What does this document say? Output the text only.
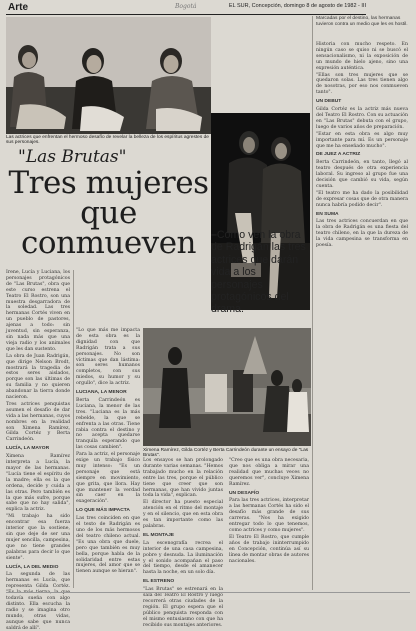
Arte	Bogotá	EL SUR, Concepción, domingo 8 de agosto de 1982 - III
Las actrices que enfrentan el hermoso desafío de revelar la belleza de los espíritus agrestes de sus personajes.
"Las Brutas"
Tres mujeres que conmueven	–Cómo ven la obra de Radrigán las tres actrices que darán vida a los personajes protagónicos del drama.

Irene, Lucía y Luciana, los personajes protagónicos de "Las Brutas", obra que este curso estrena el Teatro El Rostro, son una muestra desgarradora de la soledad. Las tres hermanas Cortés viven en un pueblo de pastores, ajenas a todo: sin juventud, sin esperanza, sin nada más que una vieja radio y los animales que les dan sustento.

La obra de Juan Radrigán, que dirige Nelson Brodt, mostrará la tragedia de estos seres aislados, porque son las últimas de su familia y no quieren abandonar la tierra donde nacieron.

Tres actrices penquistas asumen el desafío de dar vida a las hermanas, cuyos nombres en la realidad son Ximena Ramírez, Gilda Cortéz y Berta Carrindeón.

LUCÍA, LA MAYOR

Ximena Ramírez interpreta a Lucía, la mayor de las hermanas. "Lucía tiene el espíritu de la madre; ella es la que ordena, decide y cuida a las otras. Pero también es la que más sufre, porque sabe que no hay salida", explica la actriz.

"Mi trabajo ha sido encontrar esa fuerza interior que la sostiene, sin que deje de ser una mujer sencilla, campesina, que no tiene grandes palabras para decir lo que siente".

LUCÍA, LA DEL MEDIO

La segunda de las hermanas es Lucía, que representa Gilda Cortéz. todavía sueña con algo distinto. Ella escucha la radio y se imagina otro mundo, otras vidas, aunque sabe que nunca saldrá de allí".

"Lo que más me impacta de esta obra es la dignidad con que Radrigán trata a sus personajes. No son víctimas que dan lástima: son seres humanos completos, con sus miedos, su humor y su orgullo", dice la actriz.

LUCIANA, LA MENOR

Berta Carrindeón es Luciana, la menor de las tres. "Luciana es la más rebelde, la que se enfrenta a las otras. Tiene rabia contra el destino y no acepta quedarse tranquila esperando que las cosas cambien".

Para la actriz, el personaje exige un trabajo físico muy intenso: "Es un personaje que está siempre en movimiento, que grita, que llora. Hay que mantener la verdad sin caer en la exageración".

LO QUE MÁS IMPACTA

Las tres coinciden en que el texto de Radrigán es uno de los más hermosos del teatro chileno actual. "Es una obra que duele, pero que también es muy bella, porque habla de la solidaridad entre estas mujeres, del amor que se tienen aunque se hieran".

Ximena Ramírez, Gilda Cortéz y Berta Carrindeón durante un ensayo de "Las Brutas".

Los ensayos se han prolongado durante varias semanas. "Hemos trabajado mucho en la relación entre las tres, porque el público tiene que creer que son hermanas, que han vivido juntas toda la vida", explican.

El director ha puesto especial atención en el ritmo del montaje y en el silencio, que en esta obra es tan importante como las palabras.

EL MONTAJE

La escenografía recrea el interior de una casa campesina, pobre y desnuda. La iluminación y el sonido acompañan el paso del tiempo, desde el amanecer hasta la noche, en un solo día.

EL ESTRENO

"Las Brutas" se estrenará en la sala del Teatro El Rostro y luego recorrerá otras ciudades de la región. El grupo espera que el público penquista responda con el mismo entusiasmo con que ha recibido sus montajes anteriores.

"Creo que es una obra necesaria, que nos obliga a mirar una realidad que muchas veces no queremos ver", concluye Ximena Ramírez.

UN DESAFÍO

Para las tres actrices, interpretar a las hermanas Cortés ha sido el desafío más grande de sus carreras. "Nos ha exigido entregar todo lo que tenemos, como actrices y como mujeres".

El Teatro El Rostro, que cumple años de trabajo ininterrumpido en Concepción, continúa así su línea de montar obras de autores nacionales.

Marcadas por el destino, las hermanas tuvieron contra un medio que les es hostil.

Historia con mucho respeto. En ningún caso se quiso ni se buscó el sensacionalismo, ni la exposición de un mundo de hielo ajeno, sino una expresión auténtica.

"Ellas son tres mujeres que se quedaron solas. Las tres tienen algo de nosotras, por eso nos conmueven tanto".

UN DEBUT

Gilda Cortéz es la actriz más nueva del Teatro El Rostro. Con su actuación en "Las Brutas" debuta con el grupo, luego de varios años de preparación.

"Estar en esta obra es algo muy importante para mí. Es un personaje que me ha enseñado mucho".

DE JUEZ A ACTRIZ

Berta Carrindeón, en tanto, llegó al teatro después de otra experiencia laboral. Su ingreso al grupo fue una decisión que cambió su vida, según cuenta.

"El teatro me ha dado la posibilidad de expresar cosas que de otra manera nunca habría podido decir".

EN SUMA

Las tres actrices concuerdan en que la obra de Radrigán es una fiesta del teatro chileno, en la que la dureza de la vida campesina se transforma en poesía.
